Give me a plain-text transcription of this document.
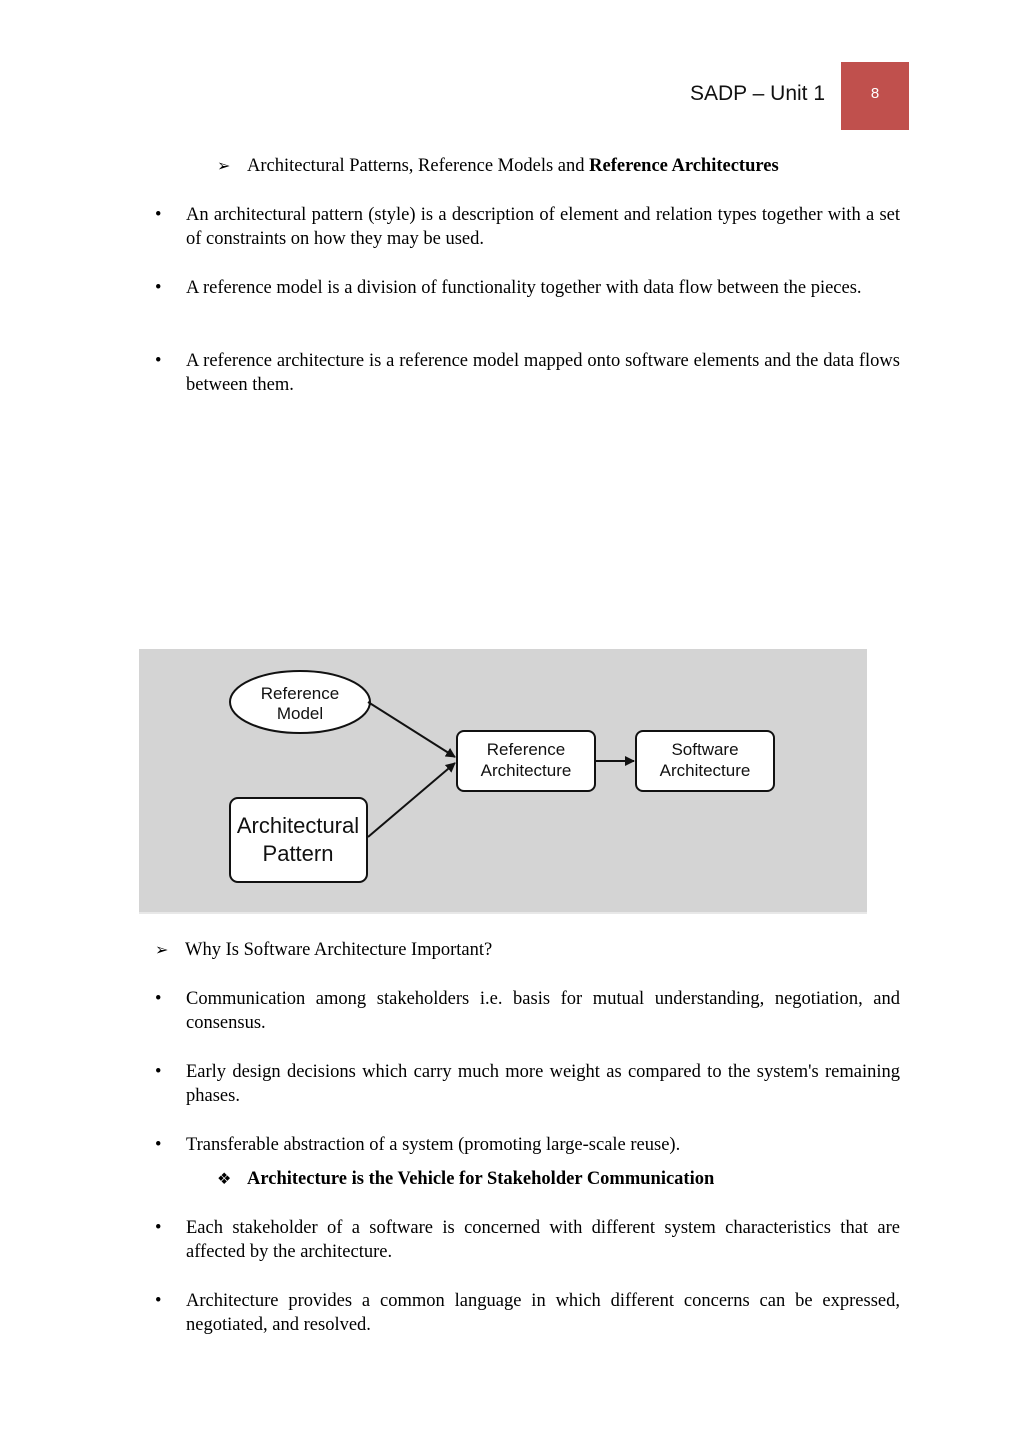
SADP – Unit 1	8
➢ Architectural Patterns, Reference Models and Reference Architectures
• An architectural pattern (style) is a description of element and relation types together with a set of constraints on how they may be used.
• A reference model is a division of functionality together with data flow between the pieces.
• A reference architecture is a reference model mapped onto software elements and the data flows between them.
Reference
Model
Architectural
Pattern
Reference
Architecture
Software
Architecture
➢ Why Is Software Architecture Important?
• Communication among stakeholders i.e. basis for mutual understanding, negotiation, and consensus.
• Early design decisions which carry much more weight as compared to the system's remaining phases.
• Transferable abstraction of a system (promoting large-scale reuse).
❖ Architecture is the Vehicle for Stakeholder Communication
• Each stakeholder of a software is concerned with different system characteristics that are affected by the architecture.
• Architecture provides a common language in which different concerns can be expressed, negotiated, and resolved.
